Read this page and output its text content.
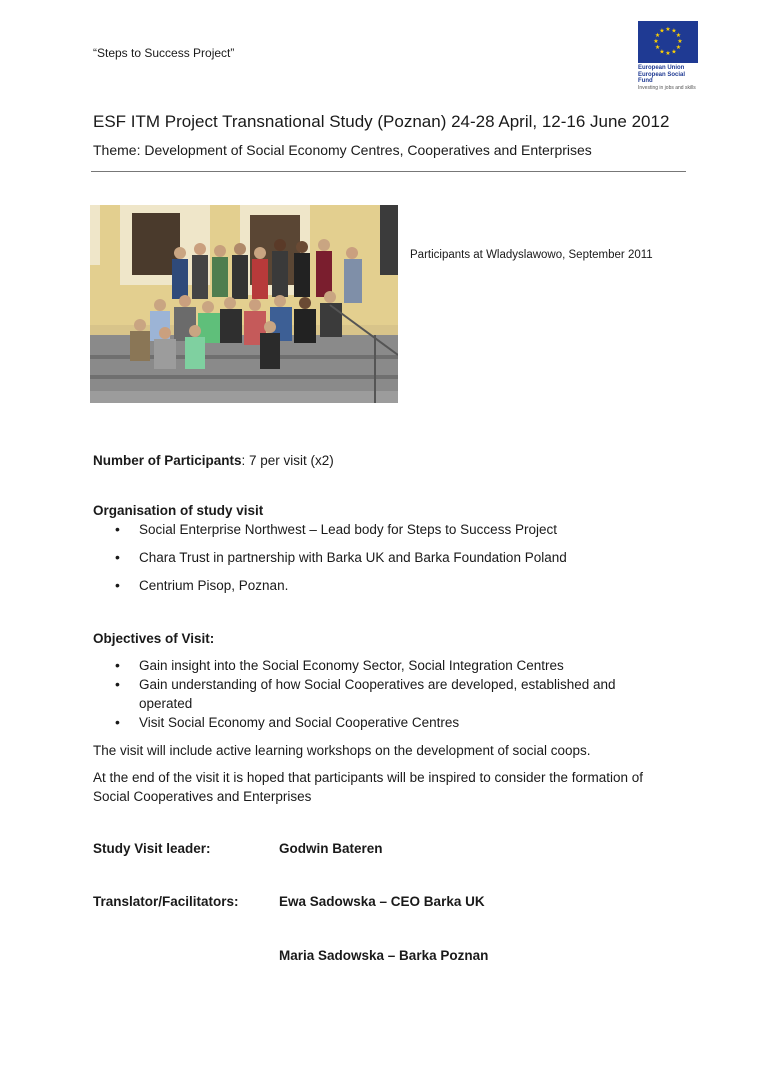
“Steps to Success Project”
★ ★
★
★
★
★
★
★
★
★
★
★
European Union
European Social Fund
Investing in jobs and skills
ESF ITM Project Transnational Study (Poznan) 24-28 April, 12-16 June 2012
Theme: Development of Social Economy Centres, Cooperatives and Enterprises
Participants at Wladyslawowo, September 2011
Number of Participants: 7 per visit (x2)
Organisation of study visit
• Social Enterprise Northwest – Lead body for Steps to Success Project
• Chara Trust in partnership with Barka UK and Barka Foundation Poland
• Centrium Pisop, Poznan.
Objectives of Visit:
• Gain insight into the Social Economy Sector, Social Integration Centres
• Gain understanding of how Social Cooperatives are developed, established and operated
• Visit Social Economy and Social Cooperative Centres
The visit will include active learning workshops on the development of social coops.
At the end of the visit it is hoped that participants will be inspired to consider the formation of Social Cooperatives and Enterprises
Study Visit leader:	Godwin Bateren
Translator/Facilitators:	Ewa Sadowska – CEO Barka UK
Maria Sadowska – Barka Poznan
